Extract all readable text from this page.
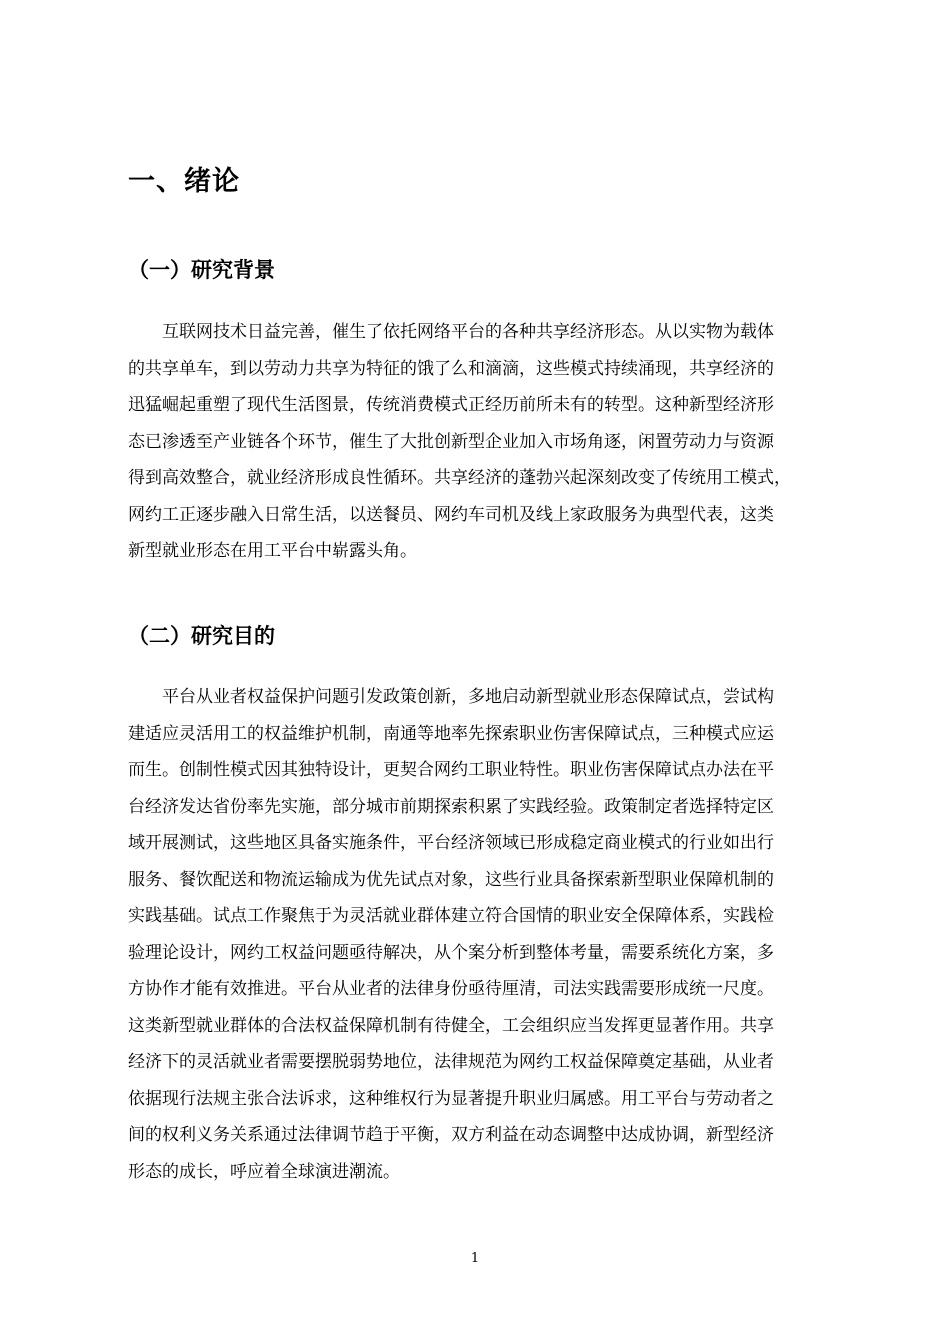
一、绪论
（一）研究背景
　　互联网技术日益完善，催生了依托网络平台的各种共享经济形态。从以实物为载体
的共享单车，到以劳动力共享为特征的饿了么和滴滴，这些模式持续涌现，共享经济的
迅猛崛起重塑了现代生活图景，传统消费模式正经历前所未有的转型。这种新型经济形
态已渗透至产业链各个环节，催生了大批创新型企业加入市场角逐，闲置劳动力与资源
得到高效整合，就业经济形成良性循环。共享经济的蓬勃兴起深刻改变了传统用工模式，
网约工正逐步融入日常生活，以送餐员、网约车司机及线上家政服务为典型代表，这类
新型就业形态在用工平台中崭露头角。
（二）研究目的
　　平台从业者权益保护问题引发政策创新，多地启动新型就业形态保障试点，尝试构
建适应灵活用工的权益维护机制，南通等地率先探索职业伤害保障试点，三种模式应运
而生。创制性模式因其独特设计，更契合网约工职业特性。职业伤害保障试点办法在平
台经济发达省份率先实施，部分城市前期探索积累了实践经验。政策制定者选择特定区
域开展测试，这些地区具备实施条件，平台经济领域已形成稳定商业模式的行业如出行
服务、餐饮配送和物流运输成为优先试点对象，这些行业具备探索新型职业保障机制的
实践基础。试点工作聚焦于为灵活就业群体建立符合国情的职业安全保障体系，实践检
验理论设计，网约工权益问题亟待解决，从个案分析到整体考量，需要系统化方案，多
方协作才能有效推进。平台从业者的法律身份亟待厘清，司法实践需要形成统一尺度。
这类新型就业群体的合法权益保障机制有待健全，工会组织应当发挥更显著作用。共享
经济下的灵活就业者需要摆脱弱势地位，法律规范为网约工权益保障奠定基础，从业者
依据现行法规主张合法诉求，这种维权行为显著提升职业归属感。用工平台与劳动者之
间的权利义务关系通过法律调节趋于平衡，双方利益在动态调整中达成协调，新型经济
形态的成长，呼应着全球演进潮流。
1
